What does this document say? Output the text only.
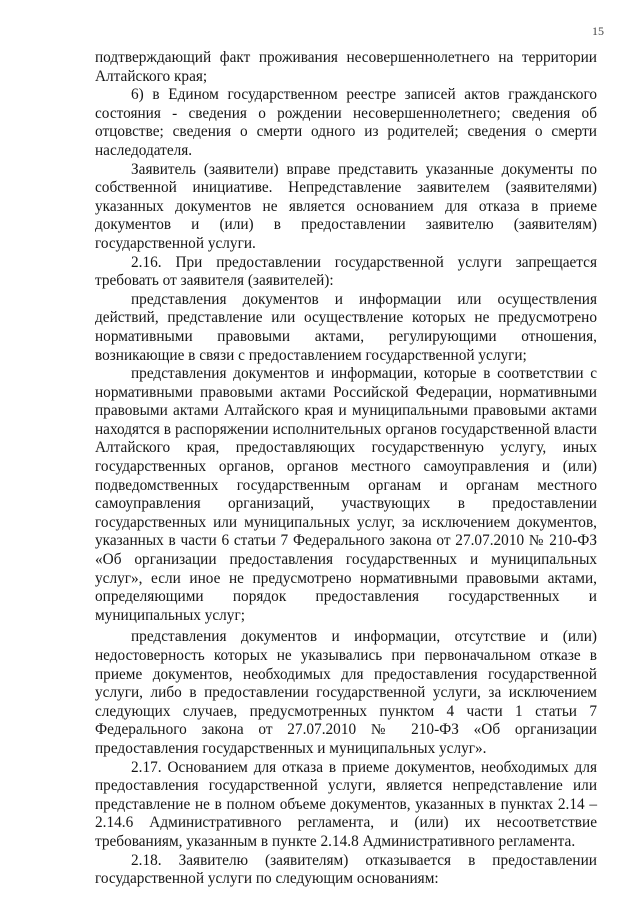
15

подтверждающий факт проживания несовершеннолетнего на территории Алтайского края;

6) в Едином государственном реестре записей актов гражданского состояния - сведения о рождении несовершеннолетнего; сведения об отцовстве; сведения о смерти одного из родителей; сведения о смерти наследодателя.

Заявитель (заявители) вправе представить указанные документы по собственной инициативе. Непредставление заявителем (заявителями) указанных документов не является основанием для отказа в приеме документов и (или) в предоставлении заявителю (заявителям) государственной услуги.

2.16. При предоставлении государственной услуги запрещается требовать от заявителя (заявителей):

представления документов и информации или осуществления действий, представление или осуществление которых не предусмотрено нормативными правовыми актами, регулирующими отношения, возникающие в связи с предоставлением государственной услуги;

представления документов и информации, которые в соответствии с нормативными правовыми актами Российской Федерации, нормативными правовыми актами Алтайского края и муниципальными правовыми актами находятся в распоряжении исполнительных органов государственной власти Алтайского края, предоставляющих государственную услугу, иных государственных органов, органов местного самоуправления и (или) подведомственных государственным органам и органам местного самоуправления организаций, участвующих в предоставлении государственных или муниципальных услуг, за исключением документов, указанных в части 6 статьи 7 Федерального закона от 27.07.2010 № 210-ФЗ «Об организации предоставления государственных и муниципальных услуг», если иное не предусмотрено нормативными правовыми актами, определяющими порядок предоставления государственных и муниципальных услуг;

представления документов и информации, отсутствие и (или) недостоверность которых не указывались при первоначальном отказе в приеме документов, необходимых для предоставления государственной услуги, либо в предоставлении государственной услуги, за исключением следующих случаев, предусмотренных пунктом 4 части 1 статьи 7 Федерального закона от 27.07.2010 № 210-ФЗ «Об организации предоставления государственных и муниципальных услуг».

2.17. Основанием для отказа в приеме документов, необходимых для предоставления государственной услуги, является непредставление или представление не в полном объеме документов, указанных в пунктах 2.14 – 2.14.6 Административного регламента, и (или) их несоответствие требованиям, указанным в пункте 2.14.8 Административного регламента.

2.18. Заявителю (заявителям) отказывается в предоставлении государственной услуги по следующим основаниям:
